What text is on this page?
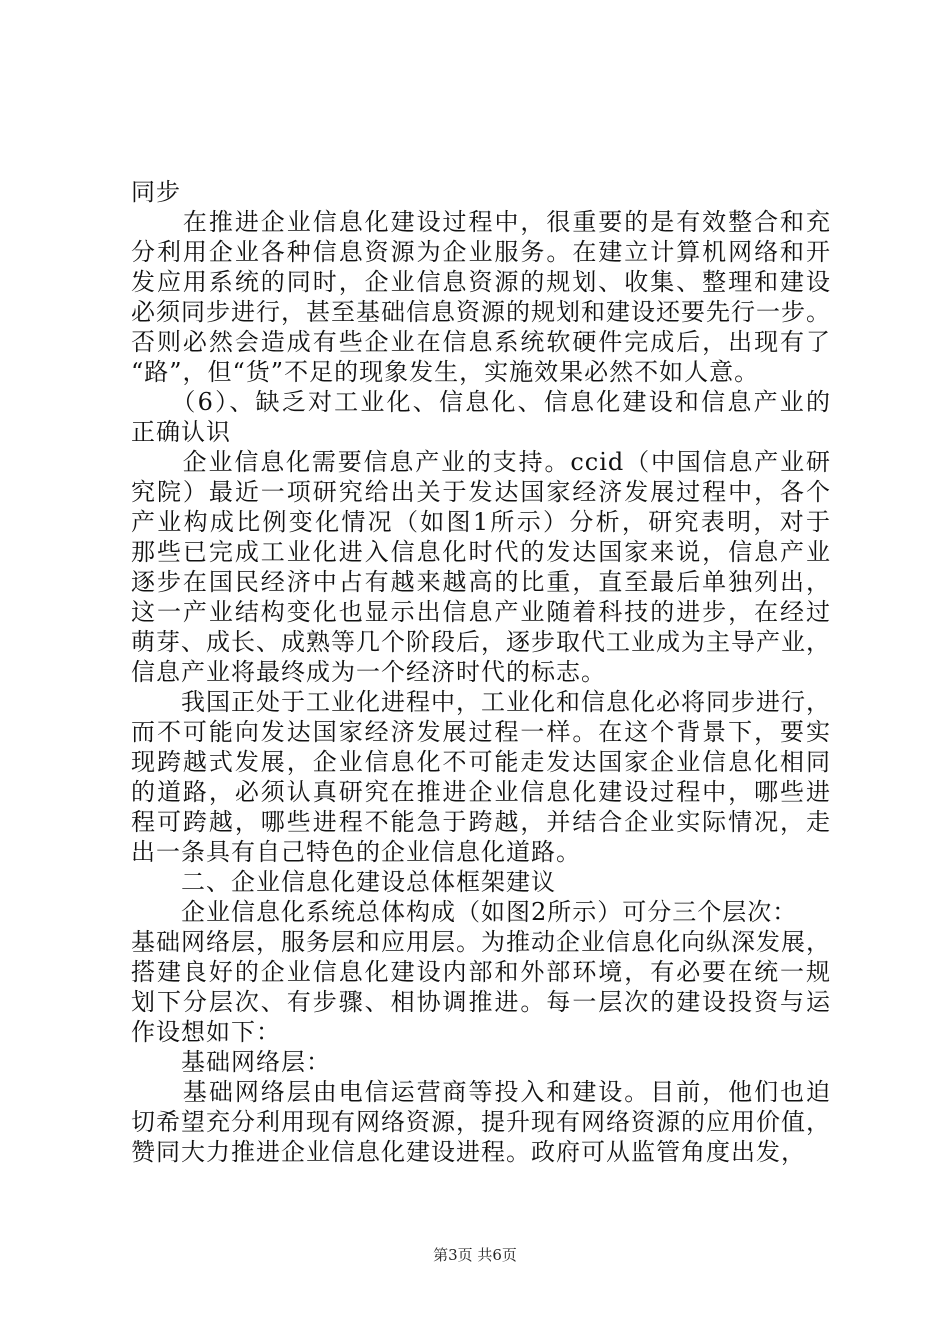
同步
　　在推进企业信息化建设过程中，很重要的是有效整合和充
分利用企业各种信息资源为企业服务。在建立计算机网络和开
发应用系统的同时，企业信息资源的规划、收集、整理和建设
必须同步进行，甚至基础信息资源的规划和建设还要先行一步。
否则必然会造成有些企业在信息系统软硬件完成后，出现有了
“路”，但“货”不足的现象发生，实施效果必然不如人意。
　　（6）、缺乏对工业化、信息化、信息化建设和信息产业的
正确认识
　　企业信息化需要信息产业的支持。ccid（中国信息产业研
究院）最近一项研究给出关于发达国家经济发展过程中，各个
产业构成比例变化情况（如图1所示）分析，研究表明，对于
那些已完成工业化进入信息化时代的发达国家来说，信息产业
逐步在国民经济中占有越来越高的比重，直至最后单独列出，
这一产业结构变化也显示出信息产业随着科技的进步，在经过
萌芽、成长、成熟等几个阶段后，逐步取代工业成为主导产业，
信息产业将最终成为一个经济时代的标志。
　　我国正处于工业化进程中，工业化和信息化必将同步进行，
而不可能向发达国家经济发展过程一样。在这个背景下，要实
现跨越式发展，企业信息化不可能走发达国家企业信息化相同
的道路，必须认真研究在推进企业信息化建设过程中，哪些进
程可跨越，哪些进程不能急于跨越，并结合企业实际情况，走
出一条具有自己特色的企业信息化道路。
　　二、企业信息化建设总体框架建议
　　企业信息化系统总体构成（如图2所示）可分三个层次：
基础网络层，服务层和应用层。为推动企业信息化向纵深发展，
搭建良好的企业信息化建设内部和外部环境，有必要在统一规
划下分层次、有步骤、相协调推进。每一层次的建设投资与运
作设想如下：
　　基础网络层：
　　基础网络层由电信运营商等投入和建设。目前，他们也迫
切希望充分利用现有网络资源，提升现有网络资源的应用价值，
赞同大力推进企业信息化建设进程。政府可从监管角度出发，
第3页 共6页
